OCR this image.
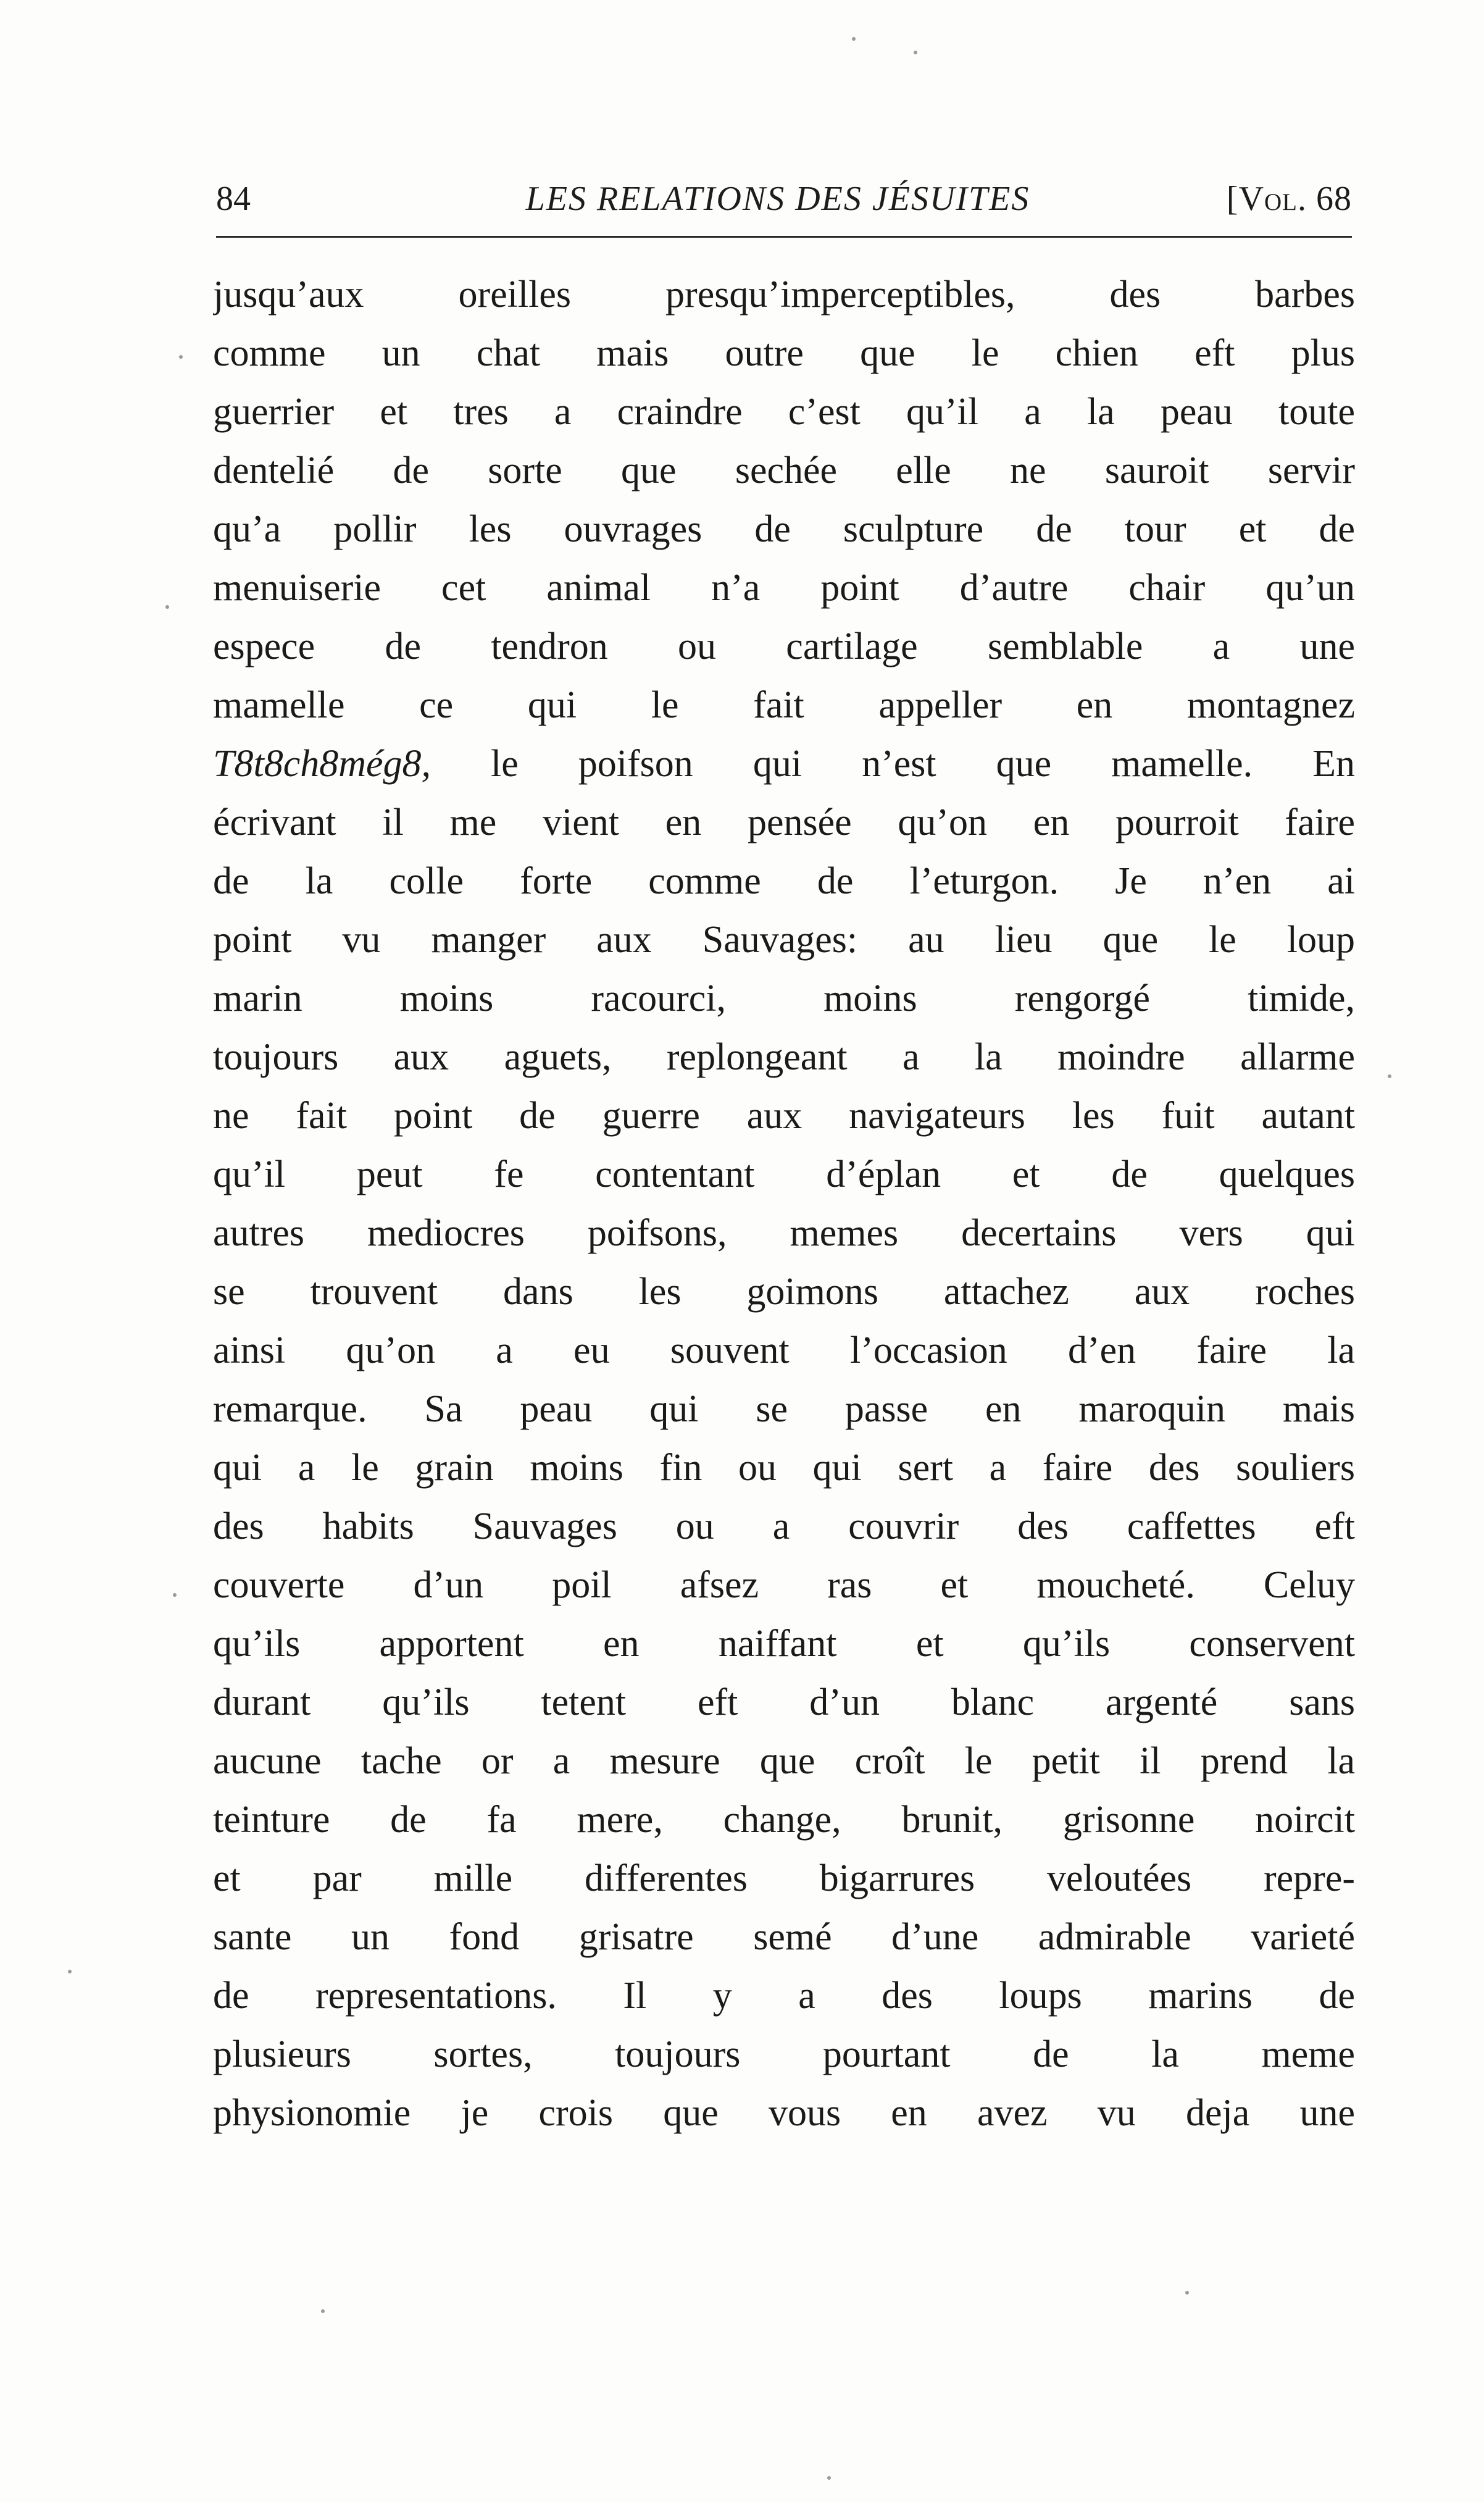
84	LES RELATIONS DES JÉSUITES	[Vol. 68
jusqu’aux oreilles presqu’imperceptibles, des barbes
comme un chat mais outre que le chien eft plus
guerrier et tres a craindre c’est qu’il a la peau toute
dentelié de sorte que sechée elle ne sauroit servir
qu’a pollir les ouvrages de sculpture de tour et de
menuiserie cet animal n’a point d’autre chair qu’un
espece de tendron ou cartilage semblable a une
mamelle ce qui le fait appeller en montagnez
T8t8ch8még8, le poifson qui n’est que mamelle. En
écrivant il me vient en pensée qu’on en pourroit faire
de la colle forte comme de l’eturgon. Je n’en ai
point vu manger aux Sauvages: au lieu que le loup
marin moins racourci, moins rengorgé timide,
toujours aux aguets, replongeant a la moindre allarme
ne fait point de guerre aux navigateurs les fuit autant
qu’il peut fe contentant d’éplan et de quelques
autres mediocres poifsons, memes decertains vers qui
se trouvent dans les goimons attachez aux roches
ainsi qu’on a eu souvent l’occasion d’en faire la
remarque. Sa peau qui se passe en maroquin mais
qui a le grain moins fin ou qui sert a faire des souliers
des habits Sauvages ou a couvrir des caffettes eft
couverte d’un poil afsez ras et moucheté. Celuy
qu’ils apportent en naiffant et qu’ils conservent
durant qu’ils tetent eft d’un blanc argenté sans
aucune tache or a mesure que croît le petit il prend la
teinture de fa mere, change, brunit, grisonne noircit
et par mille differentes bigarrures veloutées repre-
sante un fond grisatre semé d’une admirable varieté
de representations. Il y a des loups marins de
plusieurs sortes, toujours pourtant de la meme
physionomie je crois que vous en avez vu deja une
